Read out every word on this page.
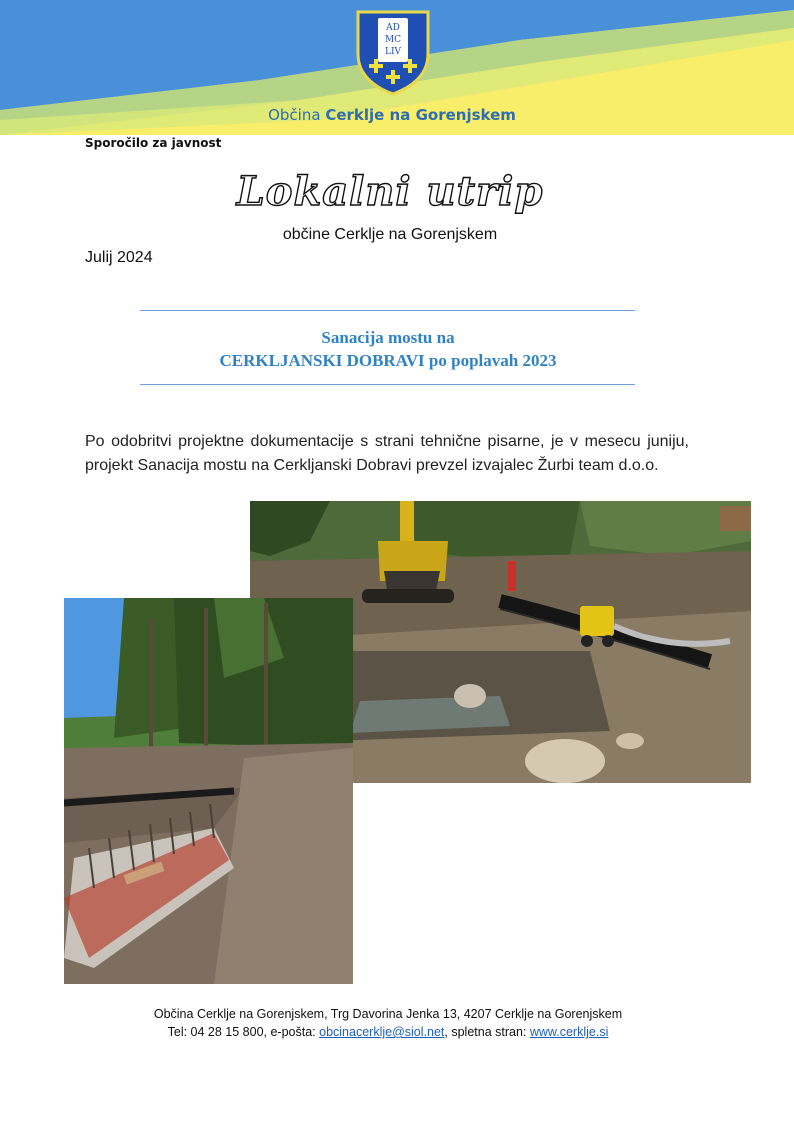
AD
MC
LIV
Občina Cerklje na Gorenjskem
Sporočilo za javnost
Lokalni utrip
občine Cerklje na Gorenjskem
Julij 2024
Sanacija mostu na
CERKLJANSKI DOBRAVI po poplavah 2023
Po odobritvi projektne dokumentacije s strani tehnične pisarne, je v mesecu juniju, projekt Sanacija mostu na Cerkljanski Dobravi prevzel izvajalec Žurbi team d.o.o.
Občina Cerklje na Gorenjskem, Trg Davorina Jenka 13, 4207 Cerklje na Gorenjskem
Tel: 04 28 15 800, e-pošta: obcinacerklje@siol.net, spletna stran: www.cerklje.si
